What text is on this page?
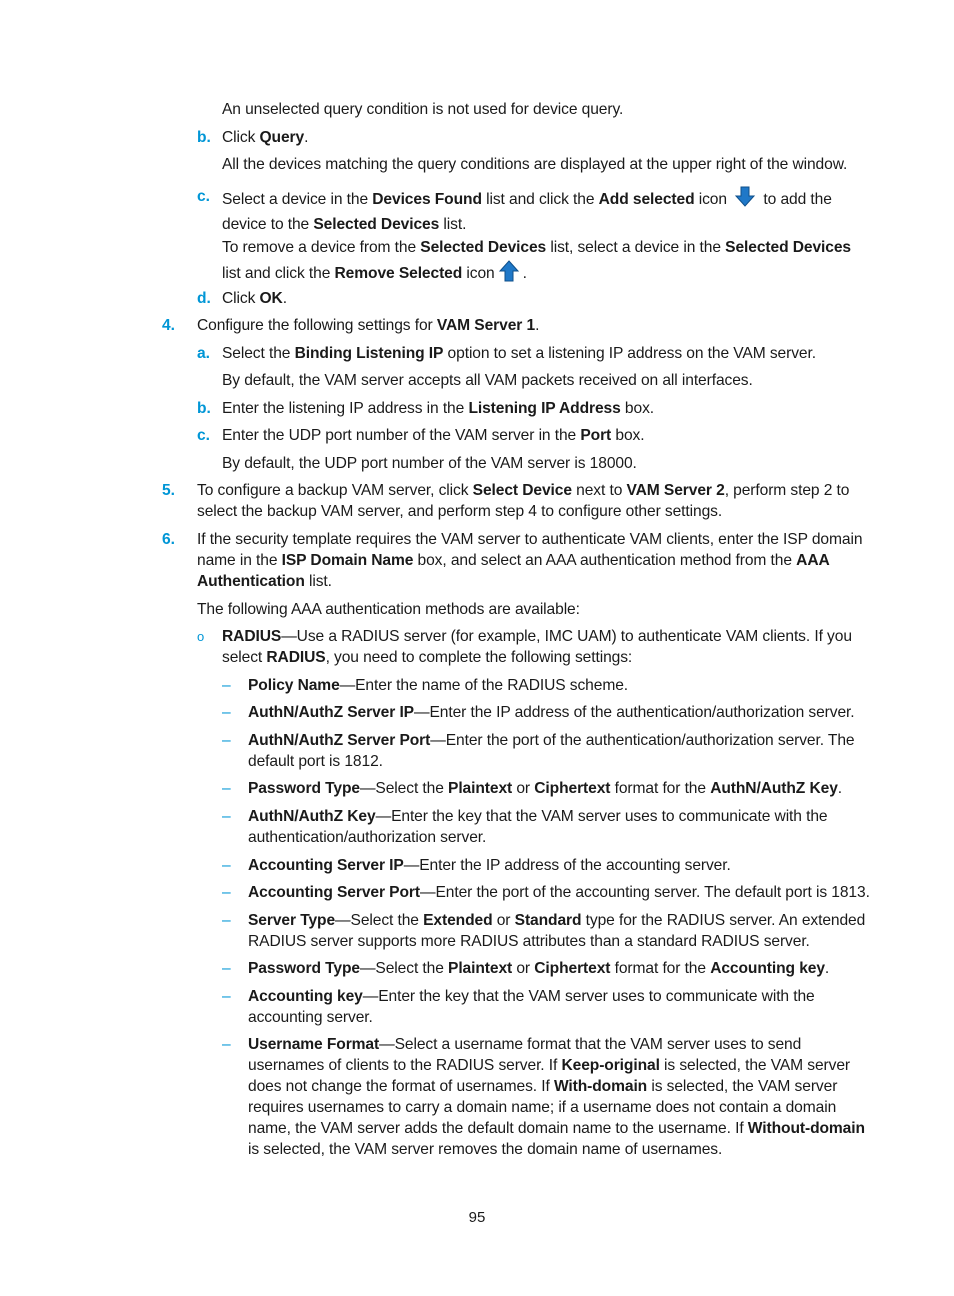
An unselected query condition is not used for device query.
b. Click Query.
All the devices matching the query conditions are displayed at the upper right of the window.
c. Select a device in the Devices Found list and click the Add selected icon  to add the device to the Selected Devices list.
To remove a device from the Selected Devices list, select a device in the Selected Devices list and click the Remove Selected icon .
d. Click OK.
4. Configure the following settings for VAM Server 1.
a. Select the Binding Listening IP option to set a listening IP address on the VAM server.
By default, the VAM server accepts all VAM packets received on all interfaces.
b. Enter the listening IP address in the Listening IP Address box.
c. Enter the UDP port number of the VAM server in the Port box.
By default, the UDP port number of the VAM server is 18000.
5. To configure a backup VAM server, click Select Device next to VAM Server 2, perform step 2 to select the backup VAM server, and perform step 4 to configure other settings.
6. If the security template requires the VAM server to authenticate VAM clients, enter the ISP domain name in the ISP Domain Name box, and select an AAA authentication method from the AAA Authentication list.
The following AAA authentication methods are available:
o RADIUS—Use a RADIUS server (for example, IMC UAM) to authenticate VAM clients. If you select RADIUS, you need to complete the following settings:
– Policy Name—Enter the name of the RADIUS scheme.
– AuthN/AuthZ Server IP—Enter the IP address of the authentication/authorization server.
– AuthN/AuthZ Server Port—Enter the port of the authentication/authorization server. The default port is 1812.
– Password Type—Select the Plaintext or Ciphertext format for the AuthN/AuthZ Key.
– AuthN/AuthZ Key—Enter the key that the VAM server uses to communicate with the authentication/authorization server.
– Accounting Server IP—Enter the IP address of the accounting server.
– Accounting Server Port—Enter the port of the accounting server. The default port is 1813.
– Server Type—Select the Extended or Standard type for the RADIUS server. An extended RADIUS server supports more RADIUS attributes than a standard RADIUS server.
– Password Type—Select the Plaintext or Ciphertext format for the Accounting key.
– Accounting key—Enter the key that the VAM server uses to communicate with the accounting server.
– Username Format—Select a username format that the VAM server uses to send usernames of clients to the RADIUS server. If Keep-original is selected, the VAM server does not change the format of usernames. If With-domain is selected, the VAM server requires usernames to carry a domain name; if a username does not contain a domain name, the VAM server adds the default domain name to the username. If Without-domain is selected, the VAM server removes the domain name of usernames.
95
